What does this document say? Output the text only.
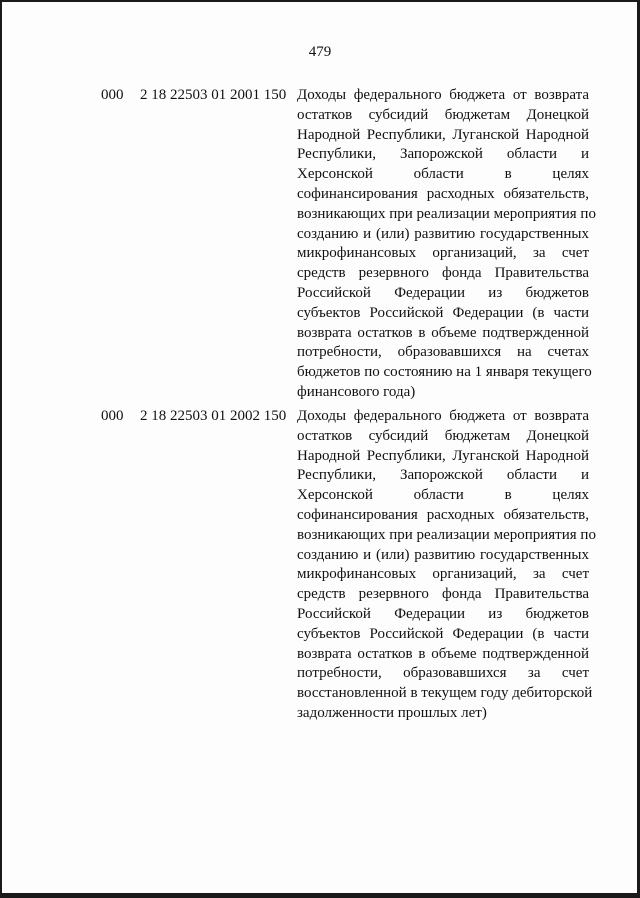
479
000 2 18 22503 01 2001 150 Доходы федерального бюджета от возврата
остатков субсидий бюджетам Донецкой
Народной Республики, Луганской Народной
Республики, Запорожской области и
Херсонской области в целях
софинансирования расходных обязательств,
возникающих при реализации мероприятия по
созданию и (или) развитию государственных
микрофинансовых организаций, за счет
средств резервного фонда Правительства
Российской Федерации из бюджетов
субъектов Российской Федерации (в части
возврата остатков в объеме подтвержденной
потребности, образовавшихся на счетах
бюджетов по состоянию на 1 января текущего
финансового года)
000 2 18 22503 01 2002 150 Доходы федерального бюджета от возврата
остатков субсидий бюджетам Донецкой
Народной Республики, Луганской Народной
Республики, Запорожской области и
Херсонской области в целях
софинансирования расходных обязательств,
возникающих при реализации мероприятия по
созданию и (или) развитию государственных
микрофинансовых организаций, за счет
средств резервного фонда Правительства
Российской Федерации из бюджетов
субъектов Российской Федерации (в части
возврата остатков в объеме подтвержденной
потребности, образовавшихся за счет
восстановленной в текущем году дебиторской
задолженности прошлых лет)
